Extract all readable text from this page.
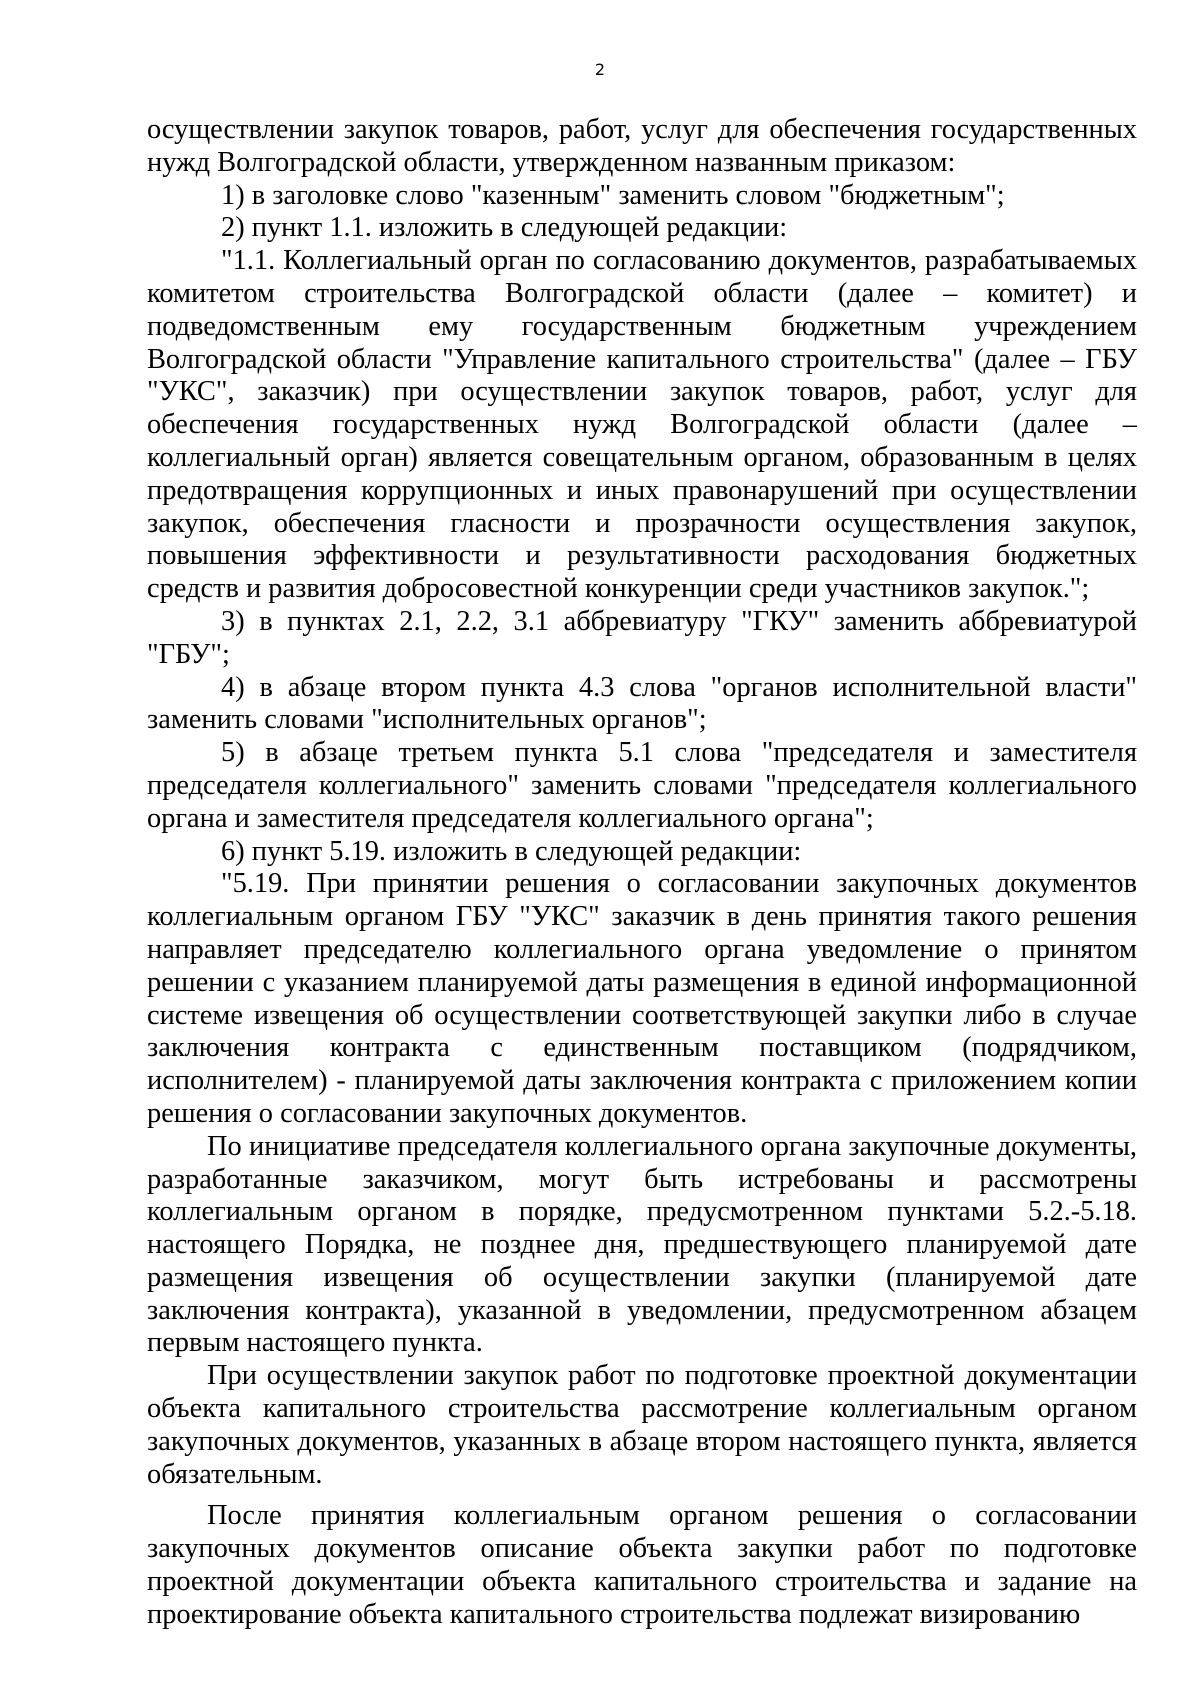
2

осуществлении закупок товаров, работ, услуг для обеспечения государственных нужд Волгоградской области, утвержденном названным приказом:

1) в заголовке слово "казенным" заменить словом "бюджетным";

2) пункт 1.1. изложить в следующей редакции:

"1.1. Коллегиальный орган по согласованию документов, разрабатываемых комитетом строительства Волгоградской области (далее – комитет) и подведомственным ему государственным бюджетным учреждением Волгоградской области "Управление капитального строительства" (далее – ГБУ "УКС", заказчик) при осуществлении закупок товаров, работ, услуг для обеспечения государственных нужд Волгоградской области (далее – коллегиальный орган) является совещательным органом, образованным в целях предотвращения коррупционных и иных правонарушений при осуществлении закупок, обеспечения гласности и прозрачности осуществления закупок, повышения эффективности и результативности расходования бюджетных средств и развития добросовестной конкуренции среди участников закупок.";

3) в пунктах 2.1, 2.2, 3.1 аббревиатуру "ГКУ" заменить аббревиатурой "ГБУ";

4) в абзаце втором пункта 4.3 слова "органов исполнительной власти" заменить словами "исполнительных органов";

5) в абзаце третьем пункта 5.1 слова "председателя и заместителя председателя коллегиального" заменить словами "председателя коллегиального органа и заместителя председателя коллегиального органа";

6) пункт 5.19. изложить в следующей редакции:

"5.19. При принятии решения о согласовании закупочных документов коллегиальным органом ГБУ "УКС" заказчик в день принятия такого решения направляет председателю коллегиального органа уведомление о принятом решении с указанием планируемой даты размещения в единой информационной системе извещения об осуществлении соответствующей закупки либо в случае заключения контракта с единственным поставщиком (подрядчиком, исполнителем) - планируемой даты заключения контракта с приложением копии решения о согласовании закупочных документов.

По инициативе председателя коллегиального органа закупочные документы, разработанные заказчиком, могут быть истребованы и рассмотрены коллегиальным органом в порядке, предусмотренном пунктами 5.2.-5.18. настоящего Порядка, не позднее дня, предшествующего планируемой дате размещения извещения об осуществлении закупки (планируемой дате заключения контракта), указанной в уведомлении, предусмотренном абзацем первым настоящего пункта.

При осуществлении закупок работ по подготовке проектной документации объекта капитального строительства рассмотрение коллегиальным органом закупочных документов, указанных в абзаце втором настоящего пункта, является обязательным.

После принятия коллегиальным органом решения о согласовании закупочных документов описание объекта закупки работ по подготовке проектной документации объекта капитального строительства и задание на проектирование объекта капитального строительства подлежат визированию
